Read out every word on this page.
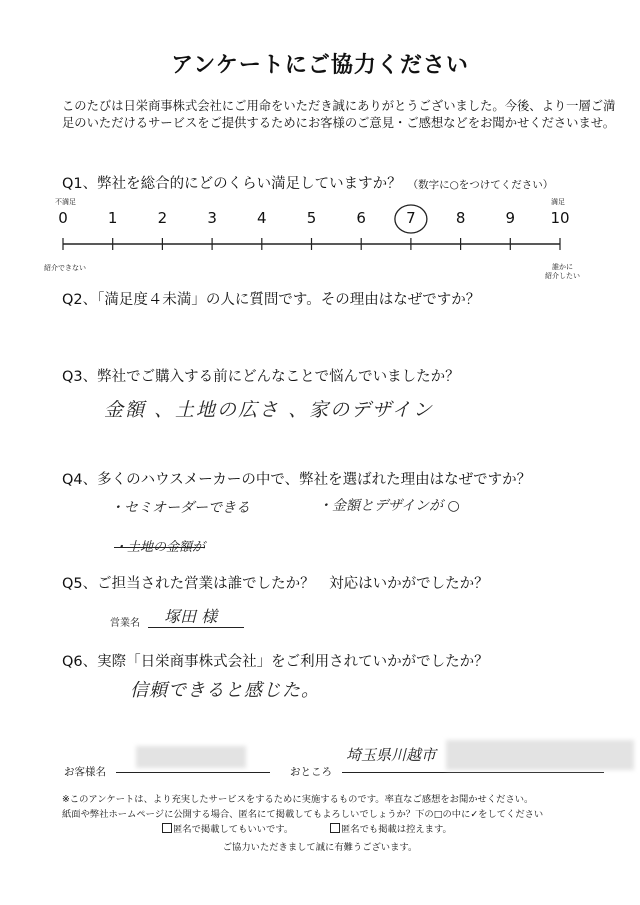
アンケートにご協力ください
このたびは日栄商事株式会社にご用命をいただき誠にありがとうございました。今後、より一層ご満足のいただけるサービスをご提供するためにお客様のご意見・ご感想などをお聞かせくださいませ。
Q1、弊社を総合的にどのくらい満足していますか？ （数字に○をつけてください）
不満足	満足
0	1	2	3	4	5	6	7	8	9	10
紹介できない	誰かに
紹介したい
Q2、「満足度４未満」の人に質問です。その理由はなぜですか？
Q3、弊社でご購入する前にどんなことで悩んでいましたか？
金額 、土地の広さ 、家のデザイン
Q4、多くのハウスメーカーの中で、弊社を選ばれた理由はなぜですか？
・セミオーダーできる	・金額とデザインが ○
・土地の金額が
Q5、ご担当された営業は誰でしたか？　対応はいかがでしたか？
営業名	塚田 様
Q6、実際「日栄商事株式会社」をご利用されていかがでしたか？
信頼できると感じた。
お客様名	おところ
埼玉県川越市
※このアンケートは、より充実したサービスをするために実施するものです。率直なご感想をお聞かせください。
紙面や弊社ホームページに公開する場合、匿名にて掲載してもよろしいでしょうか？下の□の中に✓をしてください
匿名で掲載してもいいです。	匿名でも掲載は控えます。
ご協力いただきまして誠に有難うございます。
